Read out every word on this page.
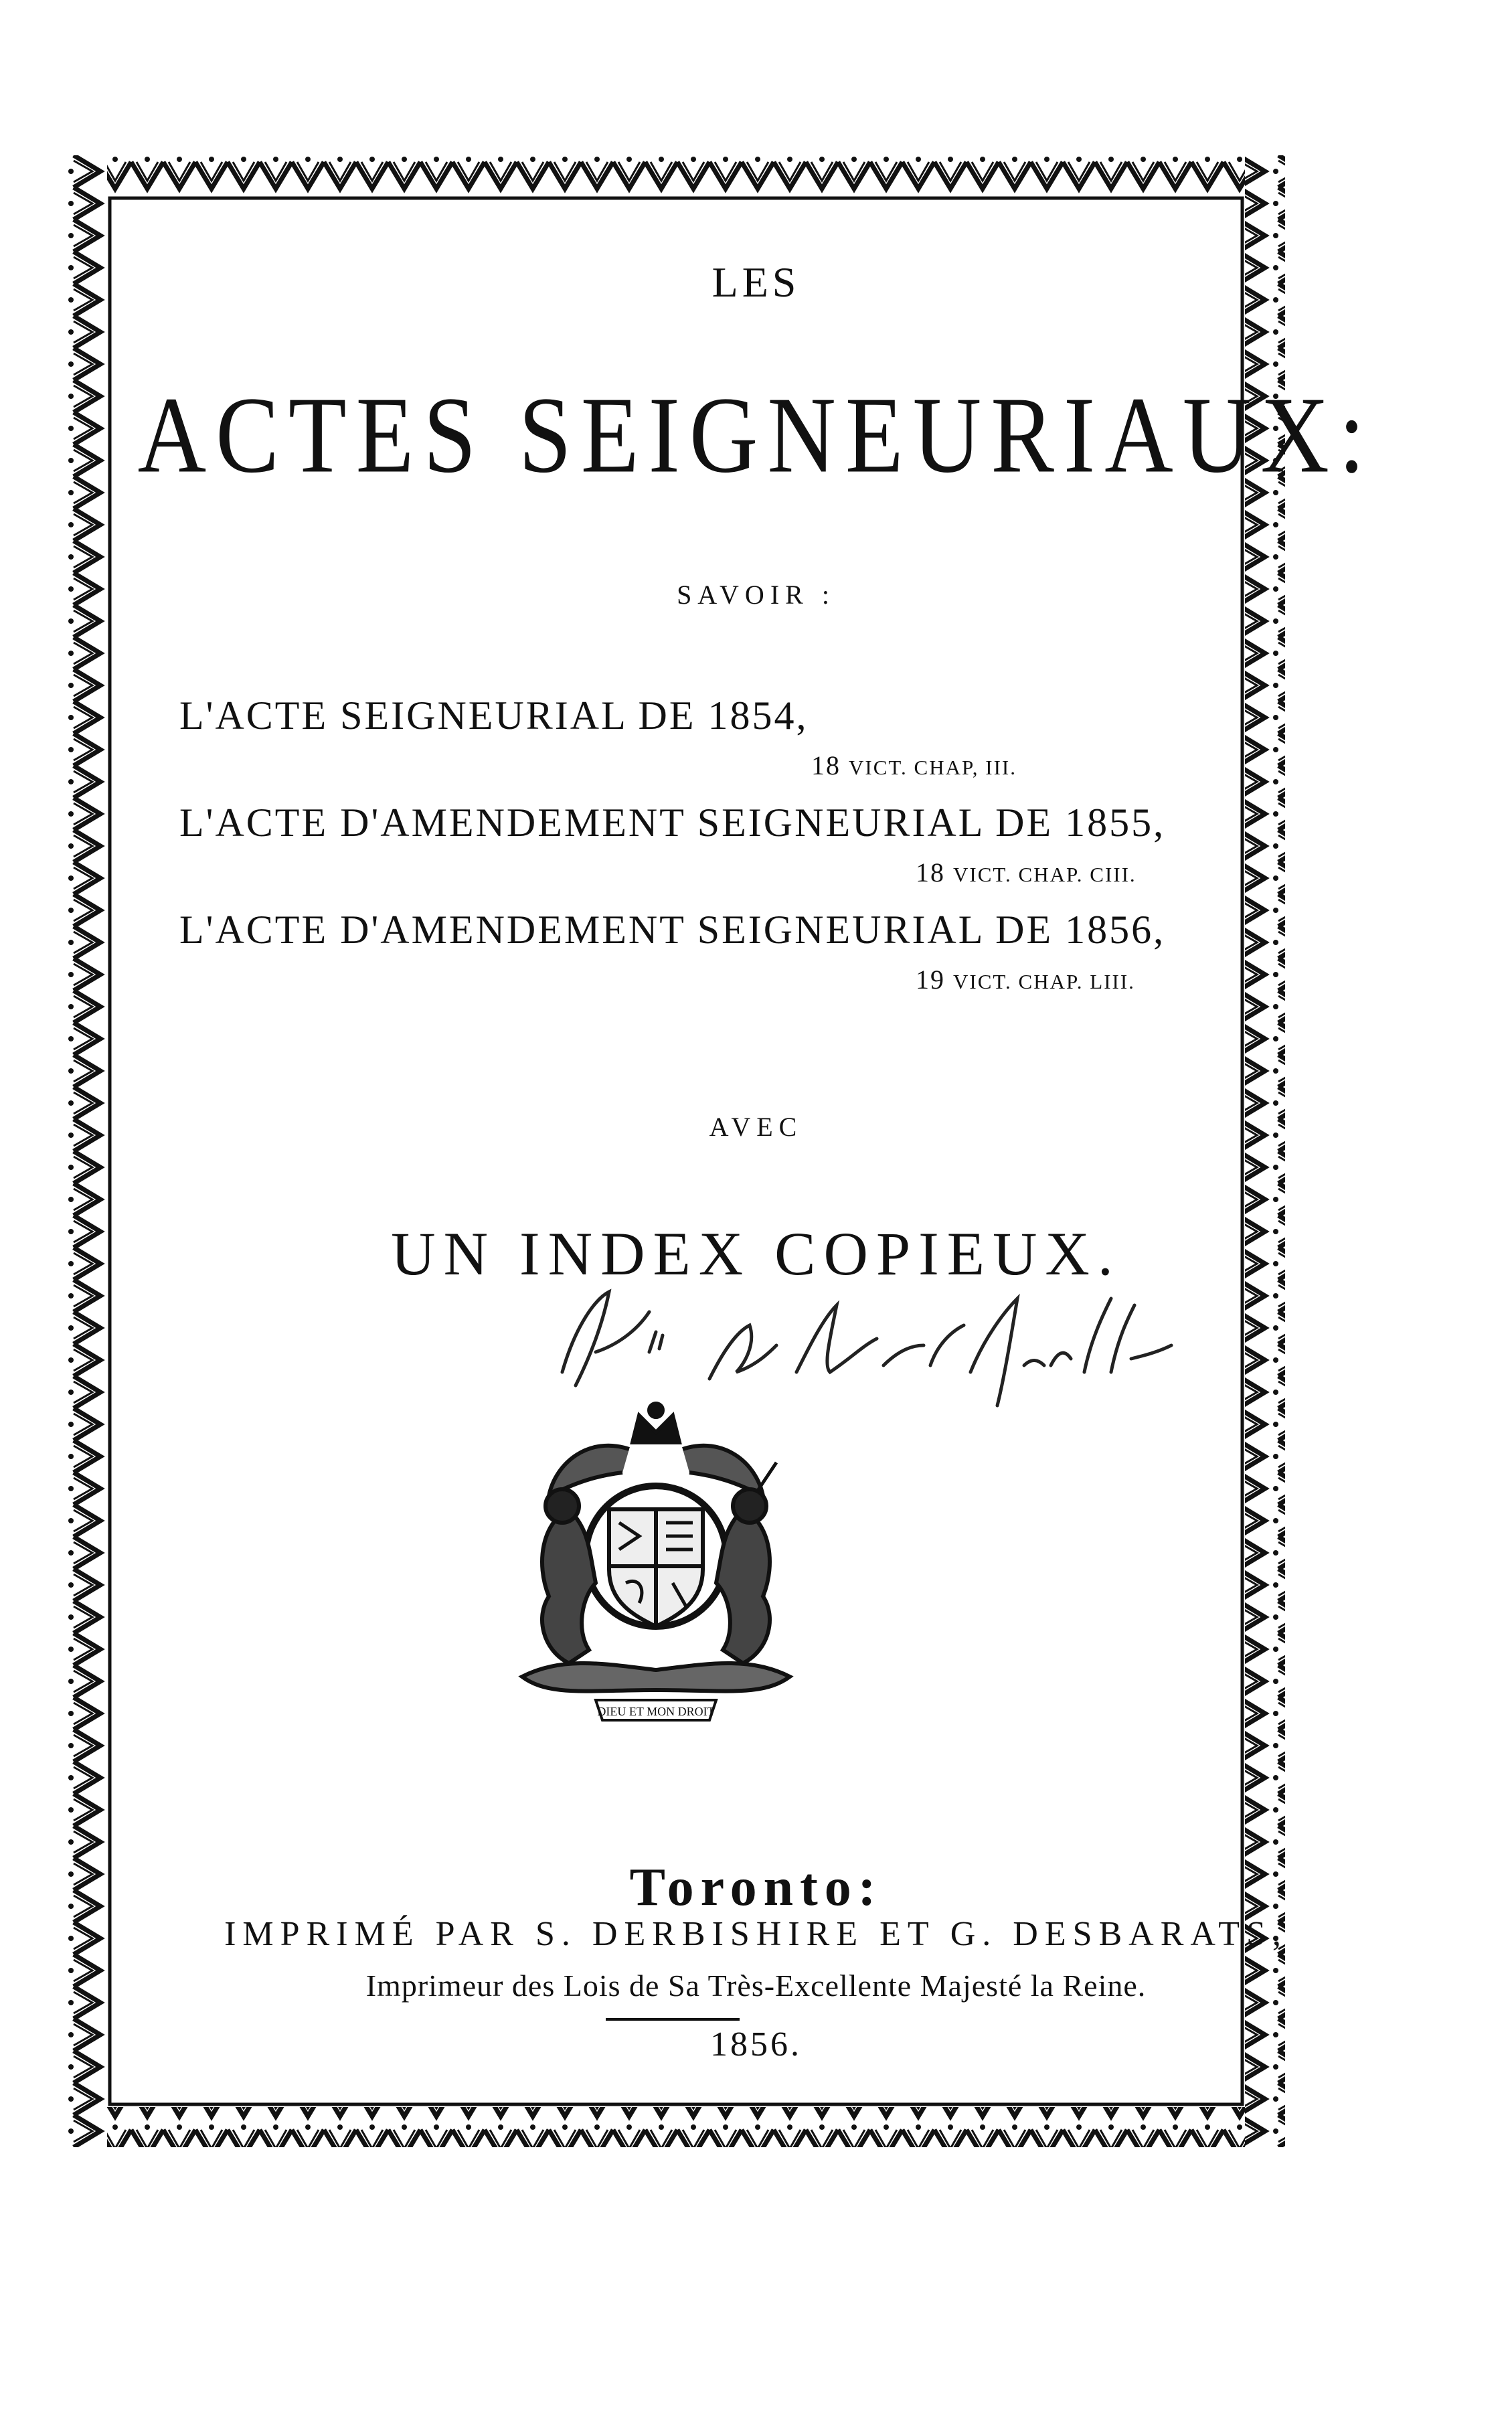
LES
ACTES SEIGNEURIAUX:
SAVOIR :
L'ACTE SEIGNEURIAL DE 1854,
18 VICT. CHAP, III.
L'ACTE D'AMENDEMENT SEIGNEURIAL DE 1855,
18 VICT. CHAP. CIII.
L'ACTE D'AMENDEMENT SEIGNEURIAL DE 1856,
19 VICT. CHAP. LIII.
AVEC
UN INDEX COPIEUX.
DIEU ET MON DROIT
Toronto:
IMPRIMÉ PAR S. DERBISHIRE ET G. DESBARATS,
Imprimeur des Lois de Sa Très-Excellente Majesté la Reine.
1856.
